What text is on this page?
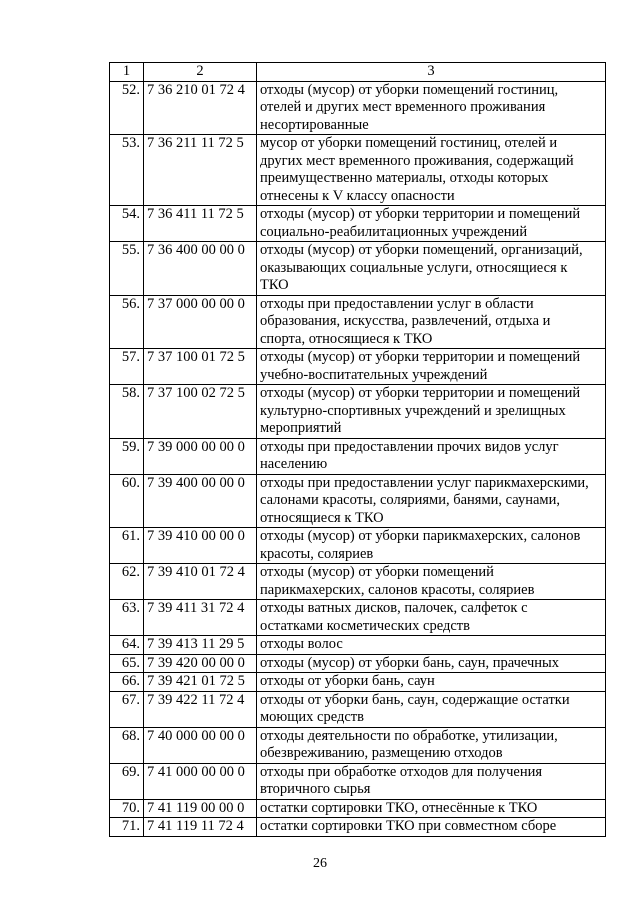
1	2	3
52.	7 36 210 01 72 4	отходы (мусор) от уборки помещений гостиниц,
отелей и других мест временного проживания
несортированные

53.	7 36 211 11 72 5	мусор от уборки помещений гостиниц, отелей и
других мест временного проживания, содержащий
преимущественно материалы, отходы которых
отнесены к V классу опасности

54.	7 36 411 11 72 5	отходы (мусор) от уборки территории и помещений
социально-реабилитационных учреждений

55.	7 36 400 00 00 0	отходы (мусор) от уборки помещений, организаций,
оказывающих социальные услуги, относящиеся к
ТКО

56.	7 37 000 00 00 0	отходы при предоставлении услуг в области
образования, искусства, развлечений, отдыха и
спорта, относящиеся к ТКО

57.	7 37 100 01 72 5	отходы (мусор) от уборки территории и помещений
учебно-воспитательных учреждений

58.	7 37 100 02 72 5	отходы (мусор) от уборки территории и помещений
культурно-спортивных учреждений и зрелищных
мероприятий

59.	7 39 000 00 00 0	отходы при предоставлении прочих видов услуг
населению

60.	7 39 400 00 00 0	отходы при предоставлении услуг парикмахерскими,
салонами красоты, соляриями, банями, саунами,
относящиеся к ТКО

61.	7 39 410 00 00 0	отходы (мусор) от уборки парикмахерских, салонов
красоты, соляриев

62.	7 39 410 01 72 4	отходы (мусор) от уборки помещений
парикмахерских, салонов красоты, соляриев

63.	7 39 411 31 72 4	отходы ватных дисков, палочек, салфеток с
остатками косметических средств

64.	7 39 413 11 29 5	отходы волос

65.	7 39 420 00 00 0	отходы (мусор) от уборки бань, саун, прачечных

66.	7 39 421 01 72 5	отходы от уборки бань, саун

67.	7 39 422 11 72 4	отходы от уборки бань, саун, содержащие остатки
моющих средств

68.	7 40 000 00 00 0	отходы деятельности по обработке, утилизации,
обезвреживанию, размещению отходов

69.	7 41 000 00 00 0	отходы при обработке отходов для получения
вторичного сырья

70.	7 41 119 00 00 0	остатки сортировки ТКО, отнесённые к ТКО

71.	7 41 119 11 72 4	остатки сортировки ТКО при совместном сборе
26
